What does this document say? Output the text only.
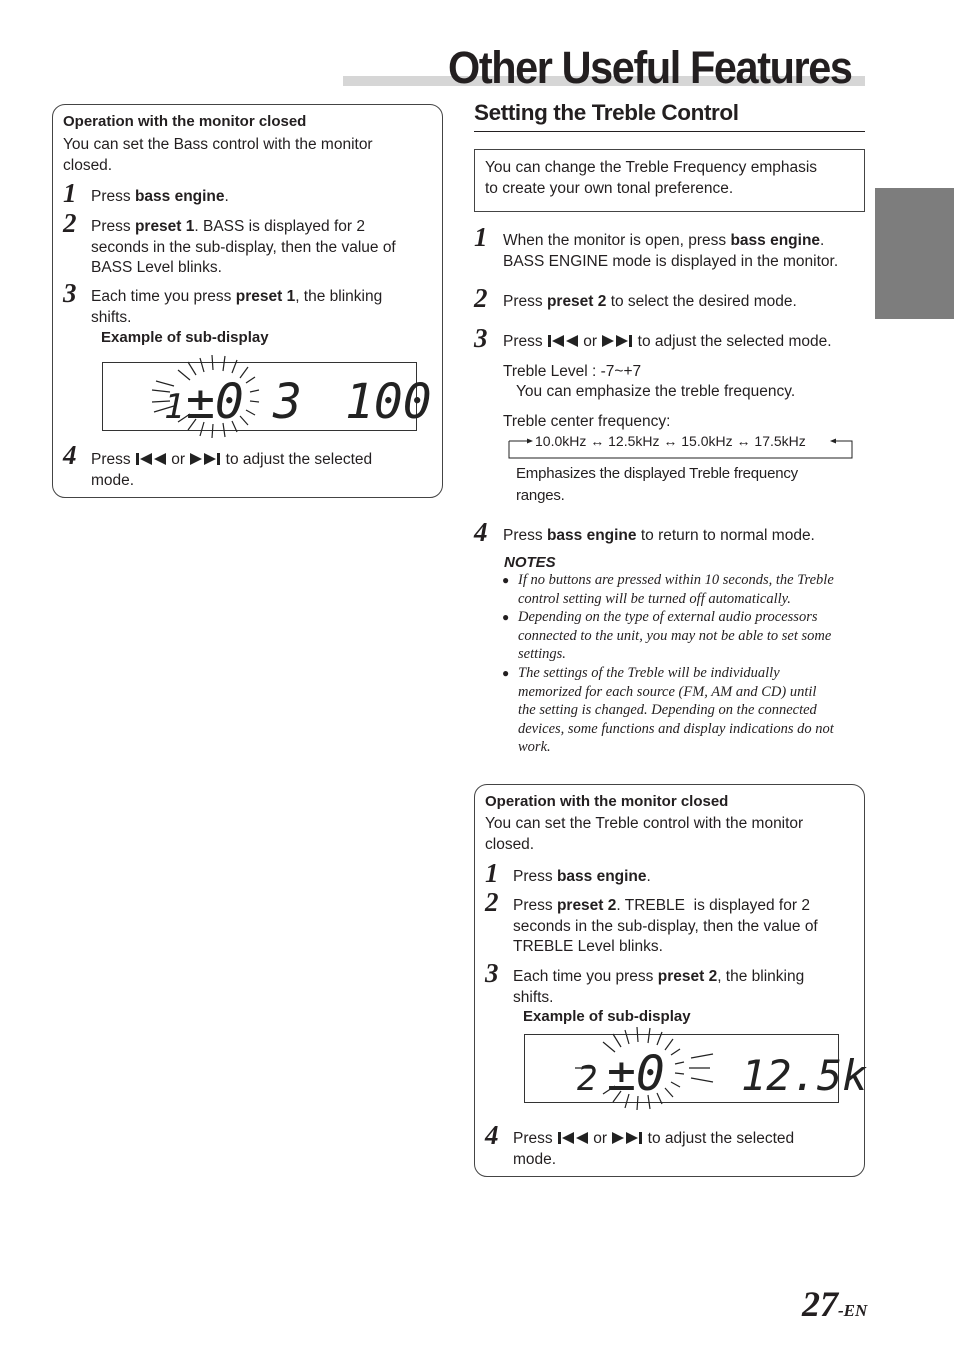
Other Useful Features
Operation with the monitor closed
You can set the Bass control with the monitor
closed.
1 Press bass engine.
2 Press preset 1. BASS is displayed for 2
seconds in the sub-display, then the value of
BASS Level blinks.
3 Each time you press preset 1, the blinking
shifts.
Example of sub-display
1 ±0 3 100
4 Press  or  to adjust the selected
mode.
Setting the Treble Control
You can change the Treble Frequency emphasis
to create your own tonal preference.
1 When the monitor is open, press bass engine.
BASS ENGINE mode is displayed in the monitor.
2 Press preset 2 to select the desired mode.
3 Press  or  to adjust the selected mode.
Treble Level : -7~+7
You can emphasize the treble frequency.
Treble center frequency:
10.0kHz ↔ 12.5kHz ↔ 15.0kHz ↔ 17.5kHz
Emphasizes the displayed Treble frequency
ranges.
4 Press bass engine to return to normal mode.
NOTES
● If no buttons are pressed within 10 seconds, the Treble
control setting will be turned off automatically.
● Depending on the type of external audio processors
connected to the unit, you may not be able to set some
settings.
● The settings of the Treble will be individually
memorized for each source (FM, AM and CD) until
the setting is changed. Depending on the connected
devices, some functions and display indications do not
work.
Operation with the monitor closed
You can set the Treble control with the monitor
closed.
1 Press bass engine.
2 Press preset 2. TREBLE  is displayed for 2
seconds in the sub-display, then the value of
TREBLE Level blinks.
3 Each time you press preset 2, the blinking
shifts.
Example of sub-display
2 ±0 12.5k
4 Press  or  to adjust the selected
mode.
27-EN
